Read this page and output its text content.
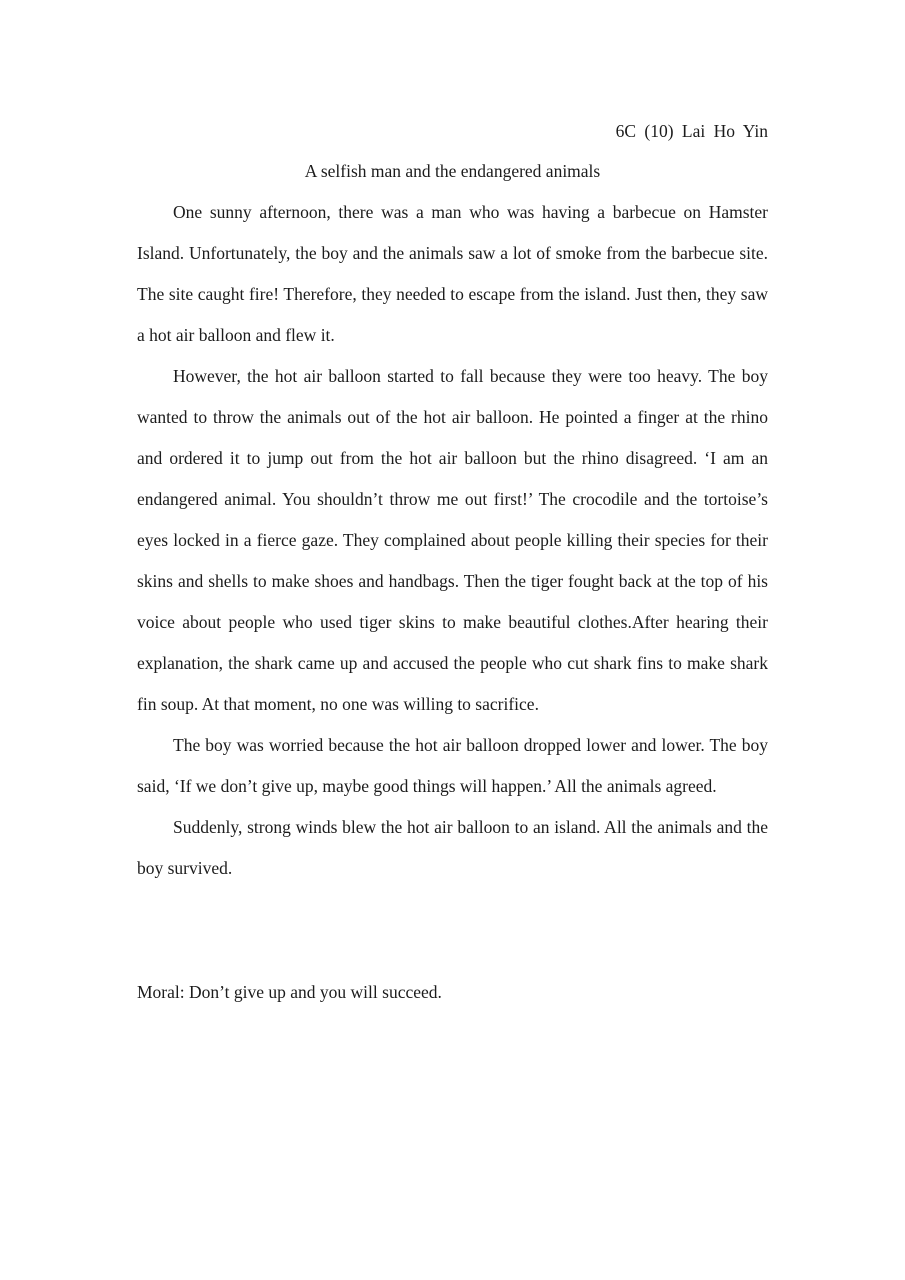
6C (10) Lai Ho Yin
A selfish man and the endangered animals

One sunny afternoon, there was a man who was having a barbecue on Hamster Island. Unfortunately, the boy and the animals saw a lot of smoke from the barbecue site. The site caught fire! Therefore, they needed to escape from the island. Just then, they saw a hot air balloon and flew it.

However, the hot air balloon started to fall because they were too heavy. The boy wanted to throw the animals out of the hot air balloon. He pointed a finger at the rhino and ordered it to jump out from the hot air balloon but the rhino disagreed. ‘I am an endangered animal. You shouldn’t throw me out first!’ The crocodile and the tortoise’s eyes locked in a fierce gaze. They complained about people killing their species for their skins and shells to make shoes and handbags. Then the tiger fought back at the top of his voice about people who used tiger skins to make beautiful clothes.After hearing their explanation, the shark came up and accused the people who cut shark fins to make shark fin soup. At that moment, no one was willing to sacrifice.

The boy was worried because the hot air balloon dropped lower and lower. The boy said, ‘If we don’t give up, maybe good things will happen.’ All the animals agreed.

Suddenly, strong winds blew the hot air balloon to an island. All the animals and the boy survived.

Moral: Don’t give up and you will succeed.
